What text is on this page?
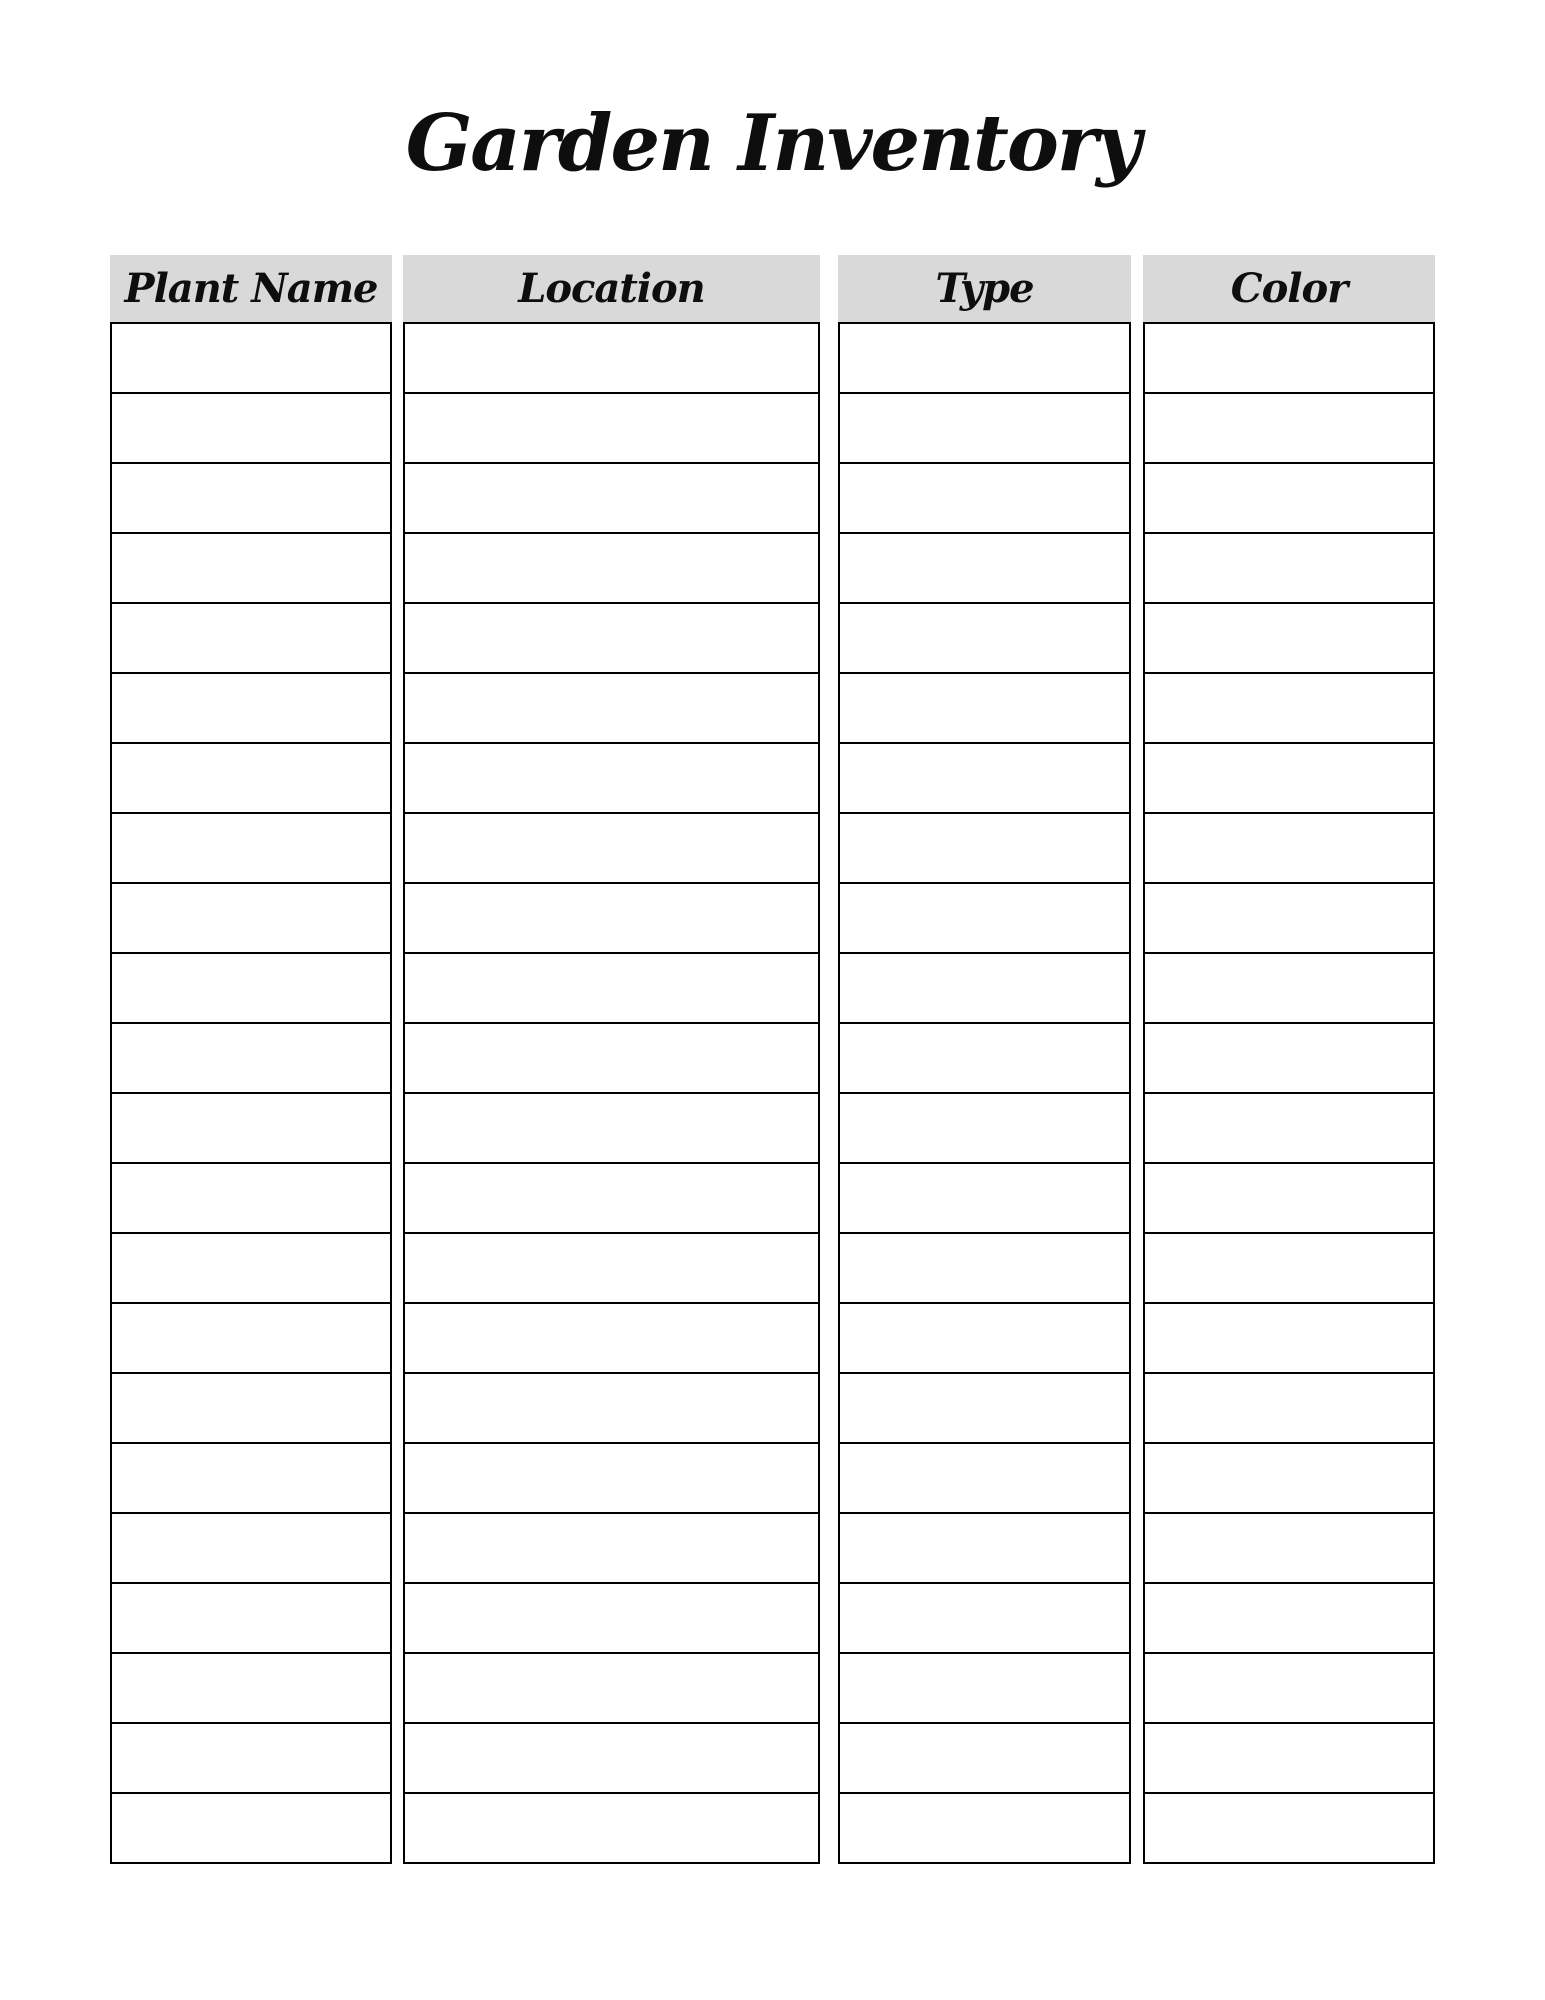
Garden Inventory
Plant Name	Location	Type	Color
